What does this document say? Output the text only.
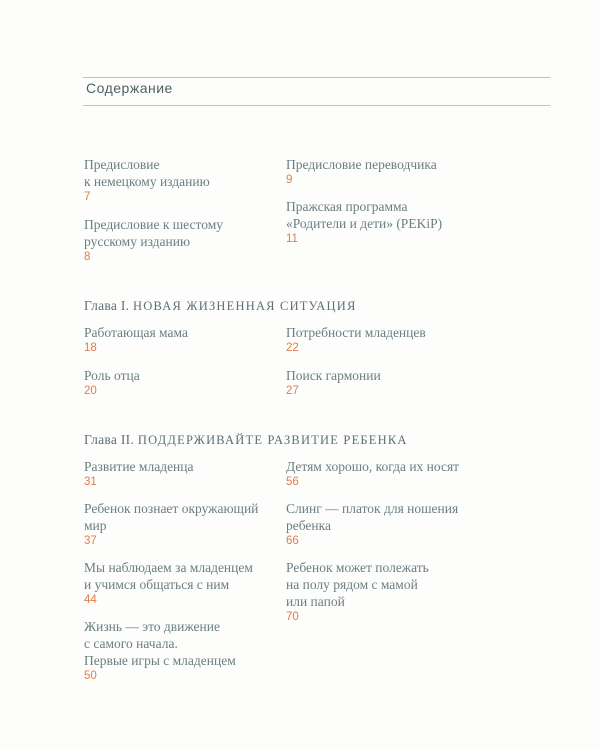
Содержание
Предисловие
к немецкому изданию
7
Предисловие к шестому
русскому изданию
8
Предисловие переводчика
9
Пражская программа
«Родители и дети» (PEKiP)
11
Глава I. НОВАЯ ЖИЗНЕННАЯ СИТУАЦИЯ
Работающая мама
18
Роль отца
20
Потребности младенцев
22
Поиск гармонии
27
Глава II. ПОДДЕРЖИВАЙТЕ РАЗВИТИЕ РЕБЕНКА
Развитие младенца
31
Ребенок познает окружающий
мир
37
Мы наблюдаем за младенцем
и учимся общаться с ним
44
Жизнь — это движение
с самого начала.
Первые игры с младенцем
50
Детям хорошо, когда их носят
56
Слинг — платок для ношения
ребенка
66
Ребенок может полежать
на полу рядом с мамой
или папой
70
